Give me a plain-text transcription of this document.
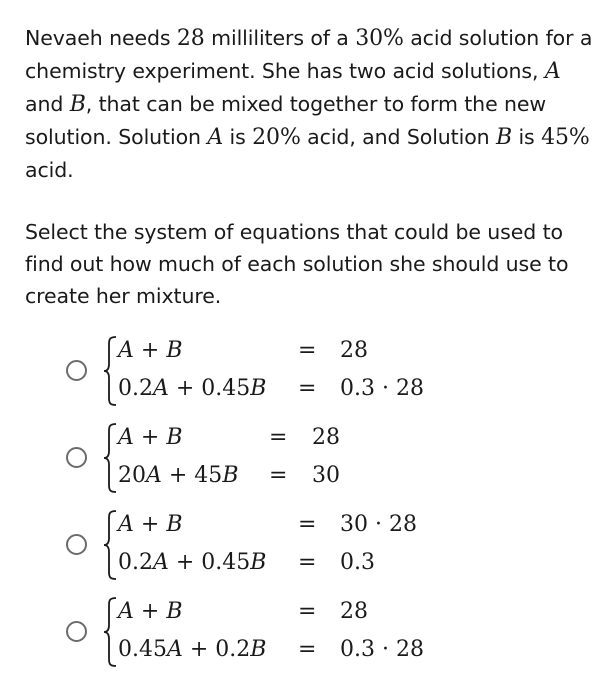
Nevaeh needs 28 milliliters of a 30% acid solution for a chemistry experiment. She has two acid solutions, A and B, that can be mixed together to form the new solution. Solution A is 20% acid, and Solution B is 45% acid.

Select the system of equations that could be used to find out how much of each solution she should use to create her mixture.

A + B	= 28
0.2A + 0.45B = 0.3 · 28
A + B	= 28
20A + 45B = 30
A + B	= 30 · 28
0.2A + 0.45B = 0.3
A + B	= 28
0.45A + 0.2B = 0.3 · 28
